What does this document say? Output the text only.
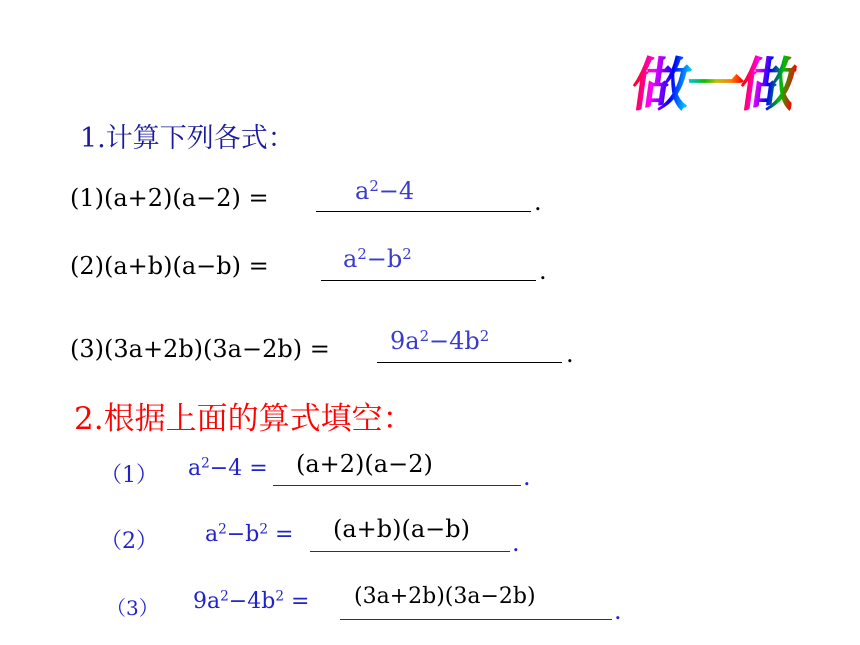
做一做
1.计算下列各式：
(1)(a+2)(a−2) =	$a^2-4$	.
(2)(a+b)(a−b) =	$a^2-b^2$
.
(3)(3a+2b)(3a−2b) =	$9a^2-4b^2$
.
2.根据上面的算式填空：
（1） $a^2-4 = (a+2)(a-2)$	.
（2） $a^2-b^2 = (a+b)(a-b)$ .
（3） $9a^2-4b^2 = (3a+2b)(3a-2b)$
.
